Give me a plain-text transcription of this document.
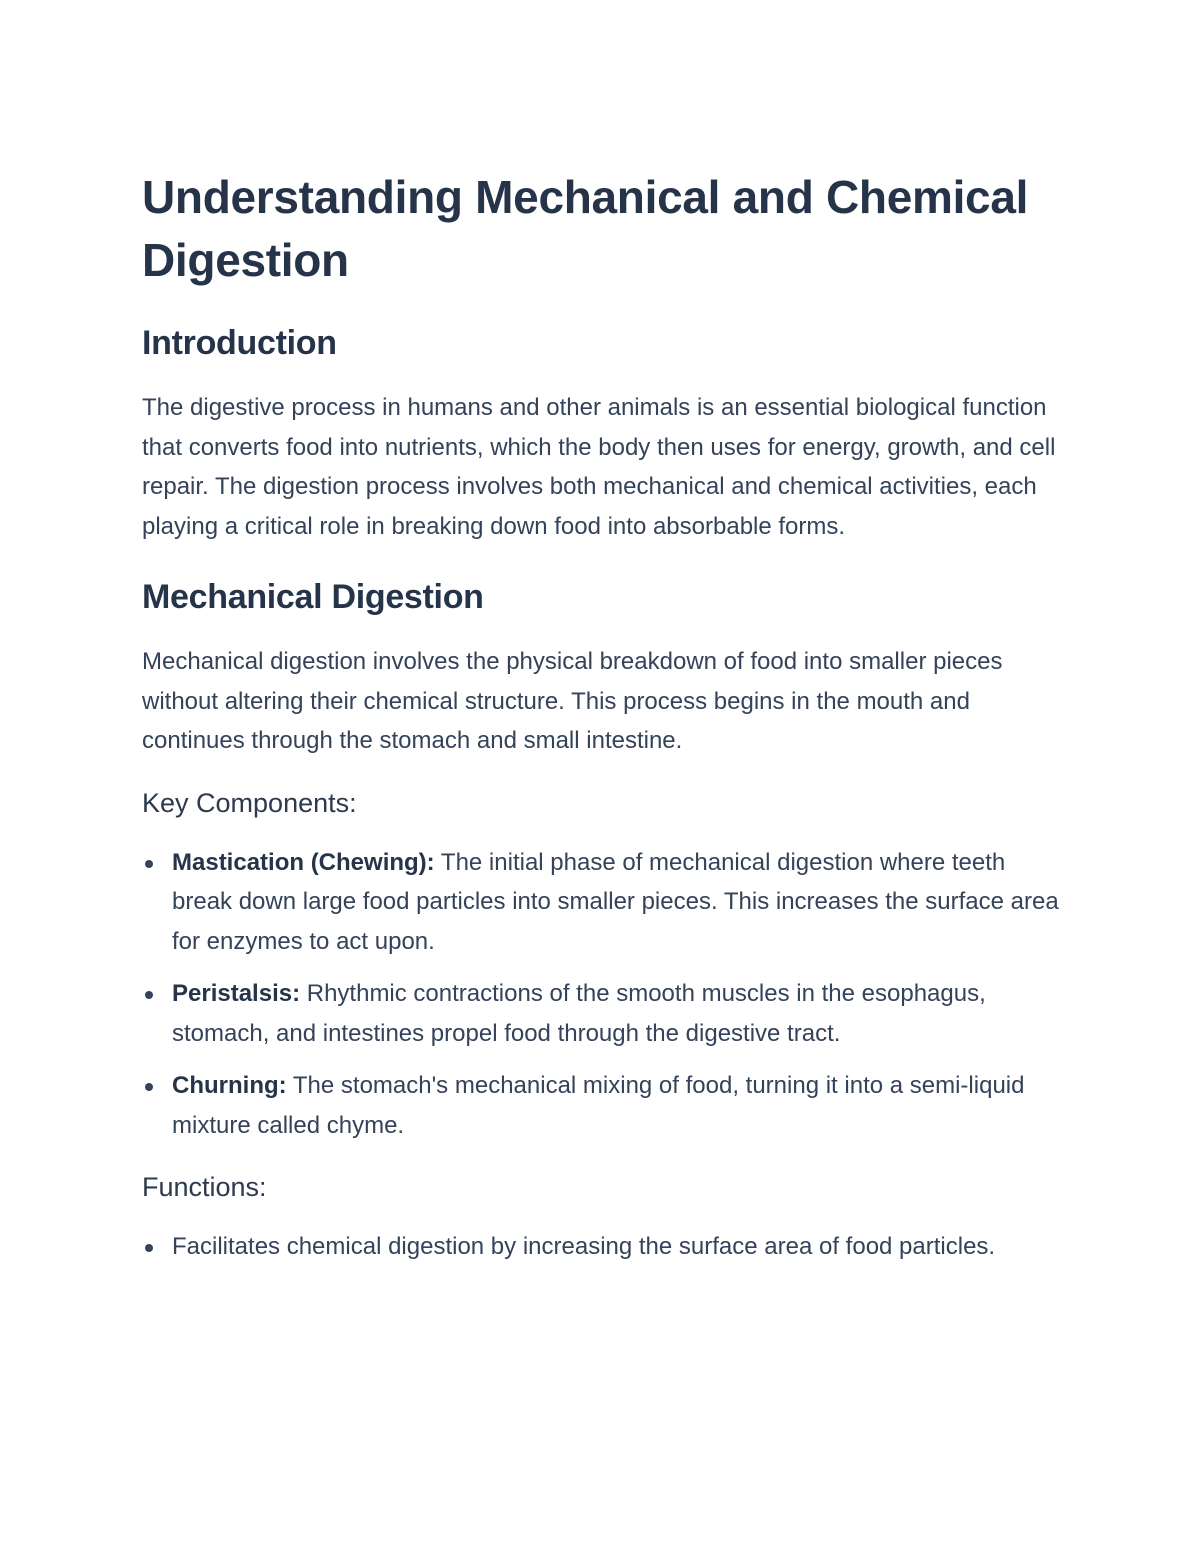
Understanding Mechanical and Chemical Digestion
Introduction

The digestive process in humans and other animals is an essential biological function that converts food into nutrients, which the body then uses for energy, growth, and cell repair. The digestion process involves both mechanical and chemical activities, each playing a critical role in breaking down food into absorbable forms.

Mechanical Digestion

Mechanical digestion involves the physical breakdown of food into smaller pieces without altering their chemical structure. This process begins in the mouth and continues through the stomach and small intestine.

Key Components:
Mastication (Chewing): The initial phase of mechanical digestion where teeth break down large food particles into smaller pieces. This increases the surface area for enzymes to act upon.
Peristalsis: Rhythmic contractions of the smooth muscles in the esophagus, stomach, and intestines propel food through the digestive tract.
Churning: The stomach's mechanical mixing of food, turning it into a semi-liquid mixture called chyme.
Functions:
Facilitates chemical digestion by increasing the surface area of food particles.
